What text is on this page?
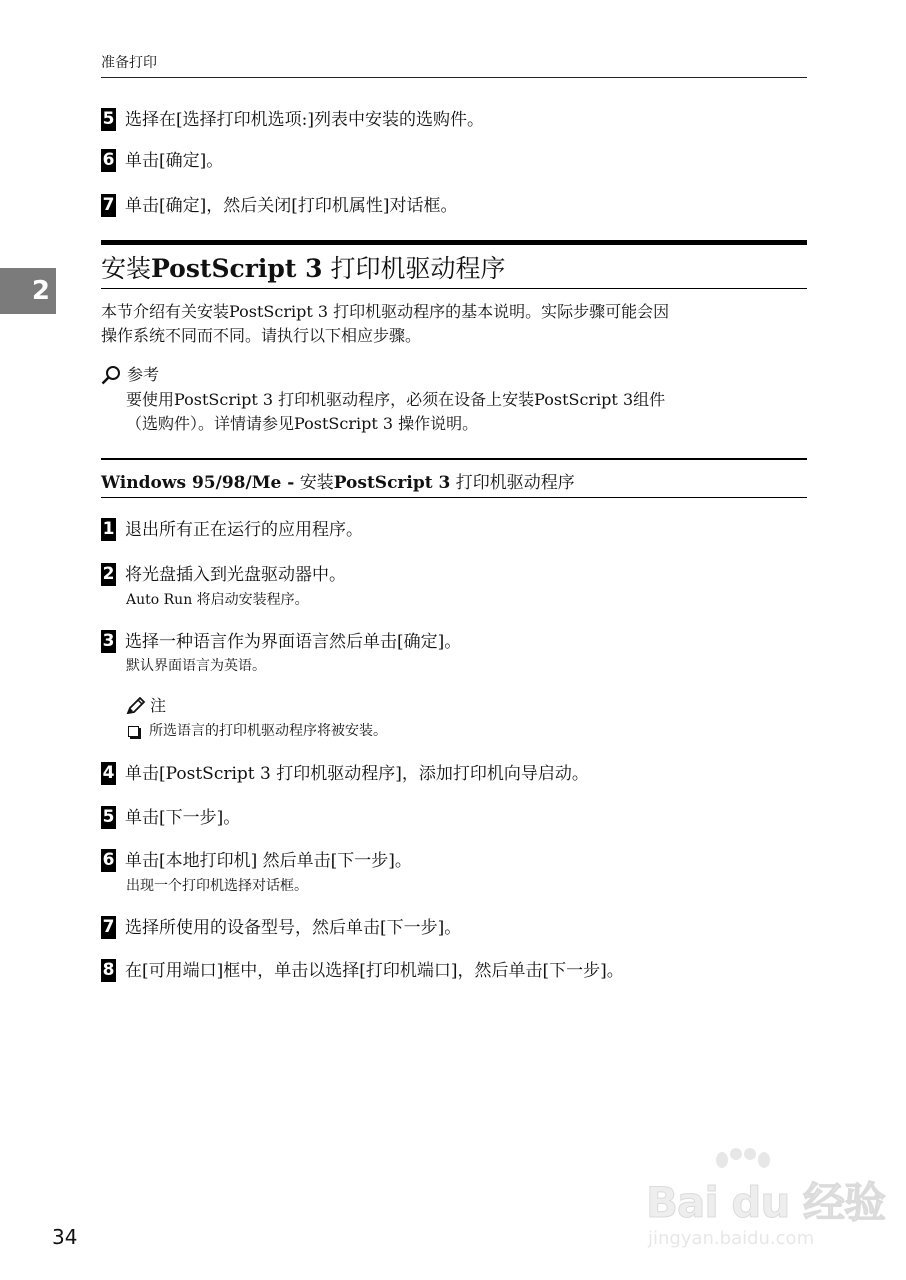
准备打印
2
5 选择在[选择打印机选项:]列表中安装的选购件。
6 单击[确定]。
7 单击[确定]，然后关闭[打印机属性]对话框。
安装PostScript 3 打印机驱动程序
本节介绍有关安装PostScript 3 打印机驱动程序的基本说明。实际步骤可能会因
操作系统不同而不同。请执行以下相应步骤。
参考
要使用PostScript 3 打印机驱动程序，必须在设备上安装PostScript 3组件
（选购件）。详情请参见PostScript 3 操作说明。
Windows 95/98/Me - 安装PostScript 3 打印机驱动程序
1 退出所有正在运行的应用程序。
2 将光盘插入到光盘驱动器中。
Auto Run 将启动安装程序。
3 选择一种语言作为界面语言然后单击[确定]。
默认界面语言为英语。
注
所选语言的打印机驱动程序将被安装。
4 单击[PostScript 3 打印机驱动程序]，添加打印机向导启动。
5 单击[下一步]。
6 单击[本地打印机] 然后单击[下一步]。
出现一个打印机选择对话框。
7 选择所使用的设备型号，然后单击[下一步]。
8 在[可用端口]框中，单击以选择[打印机端口]，然后单击[下一步]。
34
Bai du 经验
jingyan.baidu.com
